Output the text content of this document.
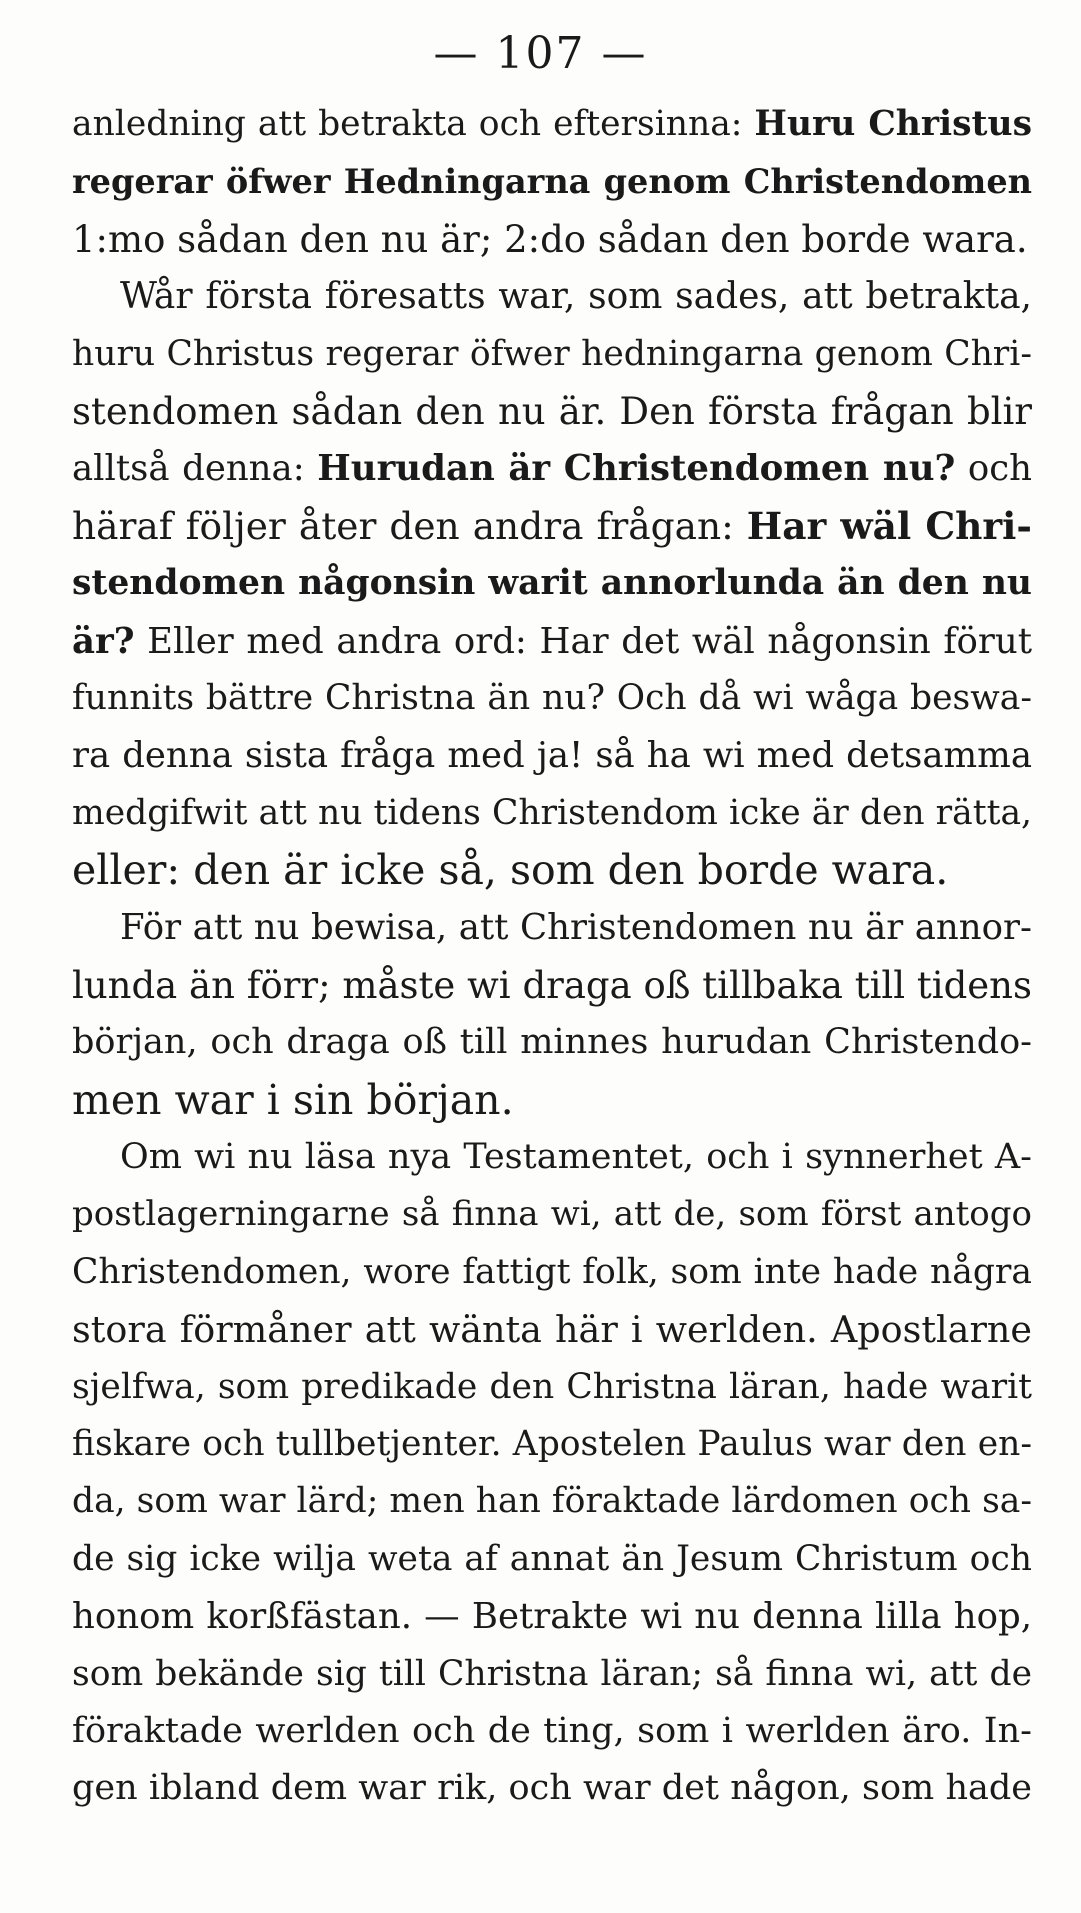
— 107 —
anledning att betrakta och eftersinna: Huru Christus
regerar öfwer Hedningarna genom Christendomen
1:mo sådan den nu är; 2:do sådan den borde wara.
Wår första föresatts war, som sades, att betrakta,
huru Christus regerar öfwer hedningarna genom Chri-
stendomen sådan den nu är. Den första frågan blir
alltså denna: Hurudan är Christendomen nu? och
häraf följer åter den andra frågan: Har wäl Chri-
stendomen någonsin warit annorlunda än den nu
är? Eller med andra ord: Har det wäl någonsin förut
funnits bättre Christna än nu? Och då wi wåga beswa-
ra denna sista fråga med ja! så ha wi med detsamma
medgifwit att nu tidens Christendom icke är den rätta,
eller: den är icke så, som den borde wara.
För att nu bewisa, att Christendomen nu är annor-
lunda än förr; måste wi draga oß tillbaka till tidens
början, och draga oß till minnes hurudan Christendo-
men war i sin början.
Om wi nu läsa nya Testamentet, och i synnerhet A-
postlagerningarne så finna wi, att de, som först antogo
Christendomen, wore fattigt folk, som inte hade några
stora förmåner att wänta här i werlden. Apostlarne
sjelfwa, som predikade den Christna läran, hade warit
fiskare och tullbetjenter. Apostelen Paulus war den en-
da, som war lärd; men han föraktade lärdomen och sa-
de sig icke wilja weta af annat än Jesum Christum och
honom korßfästan. — Betrakte wi nu denna lilla hop,
som bekände sig till Christna läran; så finna wi, att de
föraktade werlden och de ting, som i werlden äro. In-
gen ibland dem war rik, och war det någon, som hade
